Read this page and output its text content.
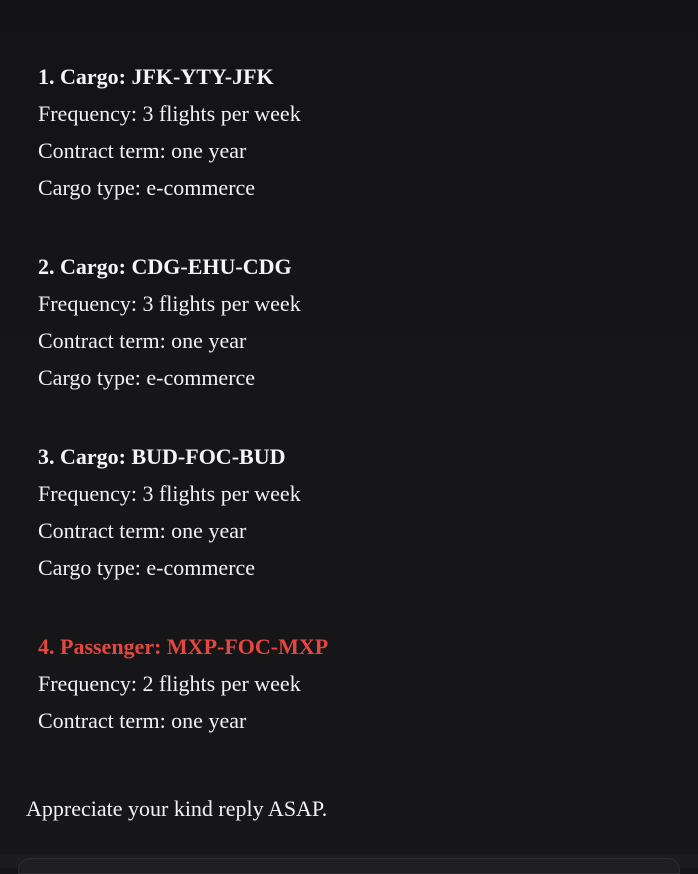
1. Cargo: JFK-YTY-JFK
Frequency: 3 flights per week
Contract term: one year
Cargo type: e-commerce
2. Cargo: CDG-EHU-CDG
Frequency: 3 flights per week
Contract term: one year
Cargo type: e-commerce
3. Cargo: BUD-FOC-BUD
Frequency: 3 flights per week
Contract term: one year
Cargo type: e-commerce
4. Passenger: MXP-FOC-MXP
Frequency: 2 flights per week
Contract term: one year
Appreciate your kind reply ASAP.
